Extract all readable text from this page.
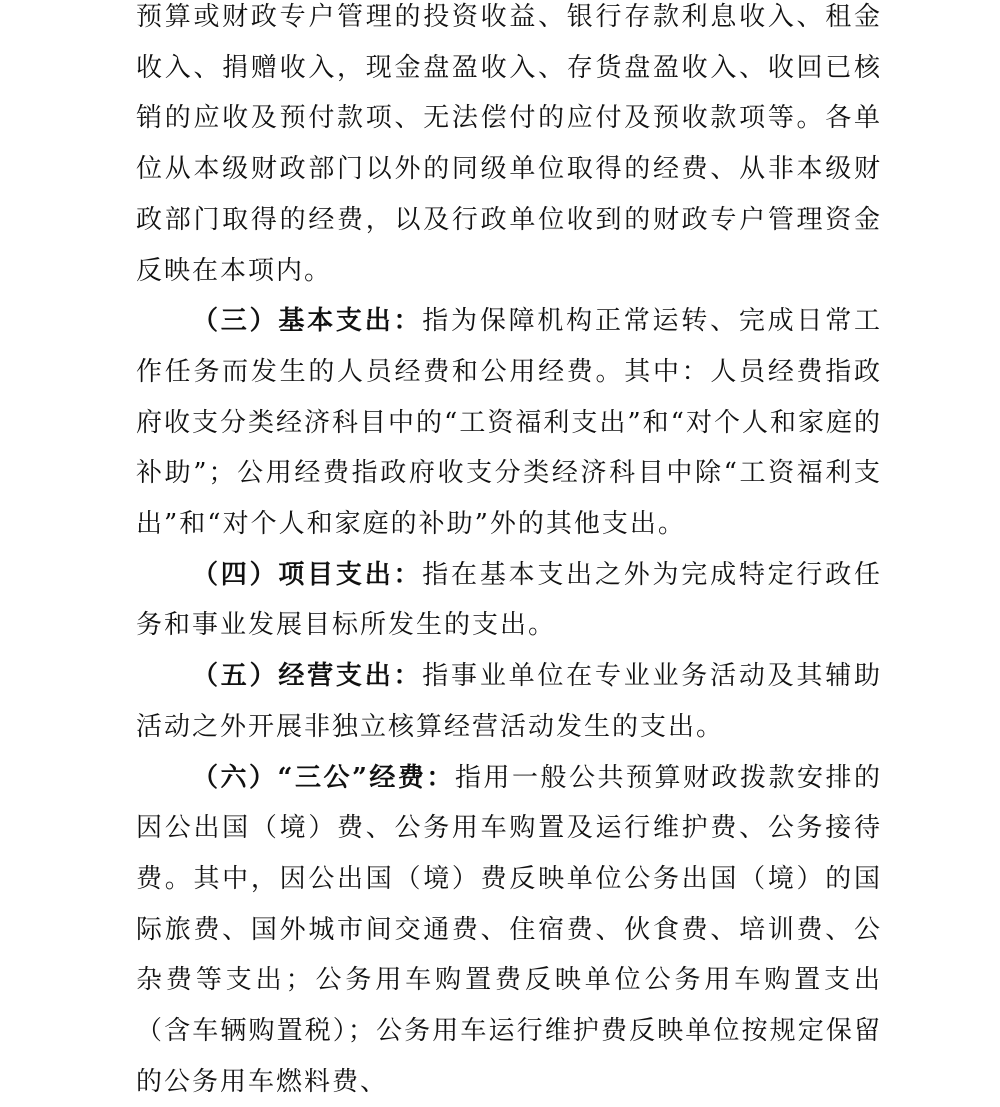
预算或财政专户管理的投资收益、银行存款利息收入、租金收入、捐赠收入，现金盘盈收入、存货盘盈收入、收回已核销的应收及预付款项、无法偿付的应付及预收款项等。各单位从本级财政部门以外的同级单位取得的经费、从非本级财政部门取得的经费，以及行政单位收到的财政专户管理资金反映在本项内。

（三）基本支出：指为保障机构正常运转、完成日常工作任务而发生的人员经费和公用经费。其中：人员经费指政府收支分类经济科目中的“工资福利支出”和“对个人和家庭的补助”；公用经费指政府收支分类经济科目中除“工资福利支出”和“对个人和家庭的补助”外的其他支出。

（四）项目支出：指在基本支出之外为完成特定行政任务和事业发展目标所发生的支出。

（五）经营支出：指事业单位在专业业务活动及其辅助活动之外开展非独立核算经营活动发生的支出。

（六）“三公”经费：指用一般公共预算财政拨款安排的因公出国（境）费、公务用车购置及运行维护费、公务接待费。其中，因公出国（境）费反映单位公务出国（境）的国际旅费、国外城市间交通费、住宿费、伙食费、培训费、公杂费等支出；公务用车购置费反映单位公务用车购置支出（含车辆购置税）；公务用车运行维护费反映单位按规定保留的公务用车燃料费、
